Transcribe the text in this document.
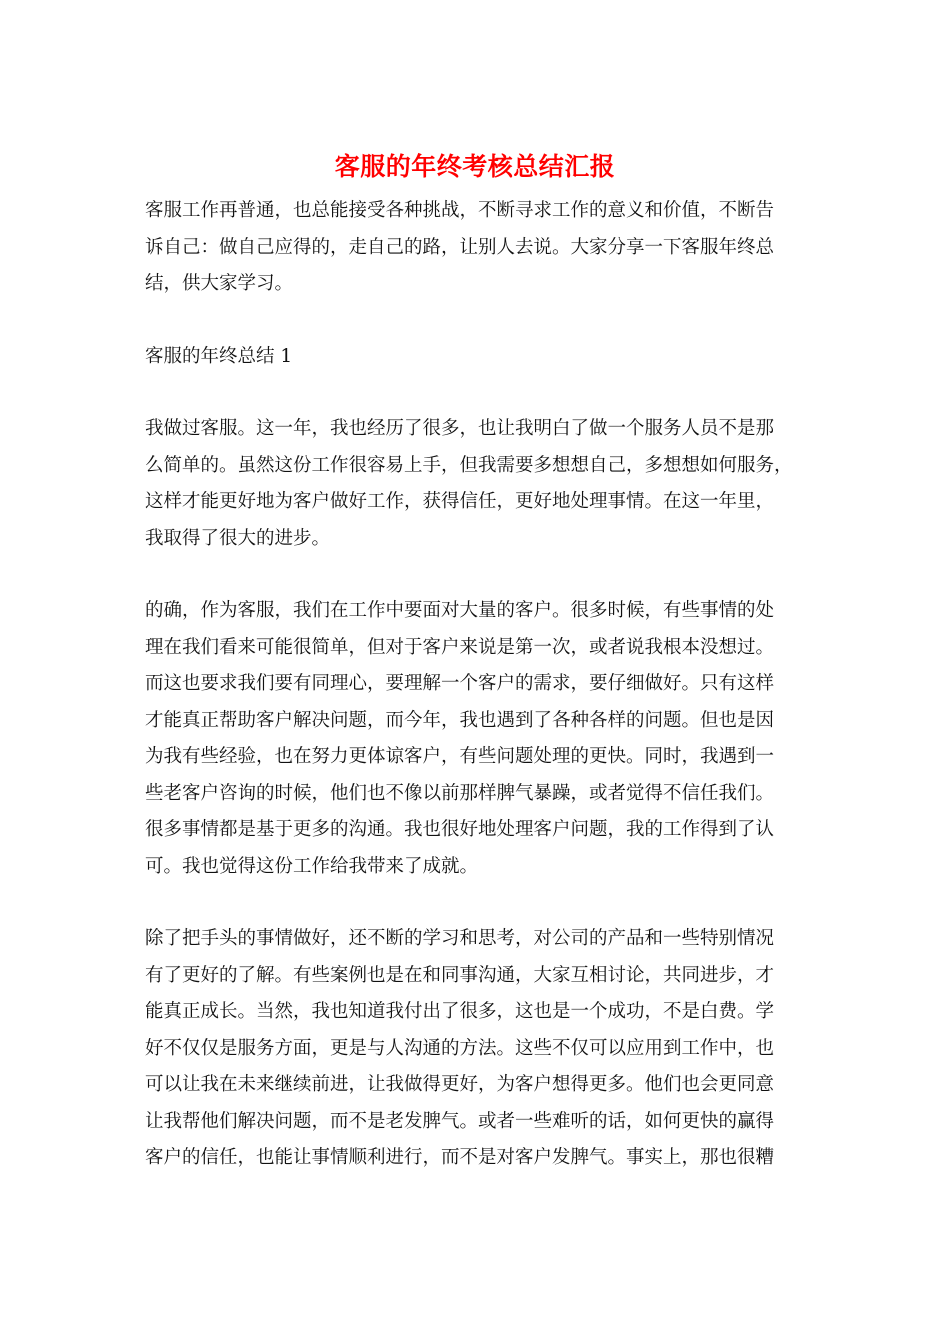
客服的年终考核总结汇报

客服工作再普通，也总能接受各种挑战，不断寻求工作的意义和价值，不断告
诉自己：做自己应得的，走自己的路，让别人去说。大家分享一下客服年终总
结，供大家学习。

客服的年终总结 1

我做过客服。这一年，我也经历了很多，也让我明白了做一个服务人员不是那
么简单的。虽然这份工作很容易上手，但我需要多想想自己，多想想如何服务，
这样才能更好地为客户做好工作，获得信任，更好地处理事情。在这一年里，
我取得了很大的进步。

的确，作为客服，我们在工作中要面对大量的客户。很多时候，有些事情的处
理在我们看来可能很简单，但对于客户来说是第一次，或者说我根本没想过。
而这也要求我们要有同理心，要理解一个客户的需求，要仔细做好。只有这样
才能真正帮助客户解决问题，而今年，我也遇到了各种各样的问题。但也是因
为我有些经验，也在努力更体谅客户，有些问题处理的更快。同时，我遇到一
些老客户咨询的时候，他们也不像以前那样脾气暴躁，或者觉得不信任我们。
很多事情都是基于更多的沟通。我也很好地处理客户问题，我的工作得到了认
可。我也觉得这份工作给我带来了成就。

除了把手头的事情做好，还不断的学习和思考，对公司的产品和一些特别情况
有了更好的了解。有些案例也是在和同事沟通，大家互相讨论，共同进步，才
能真正成长。当然，我也知道我付出了很多，这也是一个成功，不是白费。学
好不仅仅是服务方面，更是与人沟通的方法。这些不仅可以应用到工作中，也
可以让我在未来继续前进，让我做得更好，为客户想得更多。他们也会更同意
让我帮他们解决问题，而不是老发脾气。或者一些难听的话，如何更快的赢得
客户的信任，也能让事情顺利进行，而不是对客户发脾气。事实上，那也很糟
